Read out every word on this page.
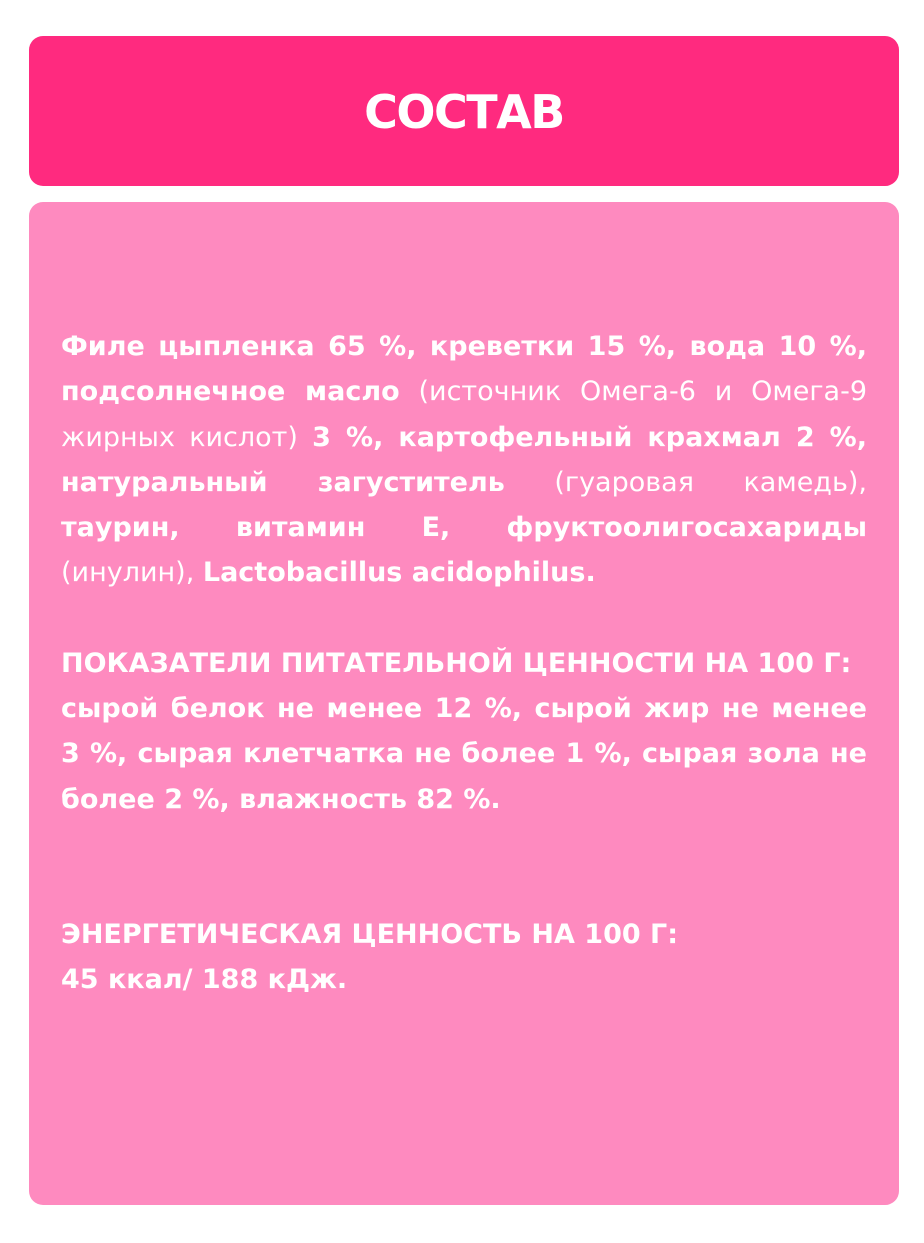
СОСТАВ

Филе цыпленка 65 %, креветки 15 %, вода 10 %, подсолнечное масло (источник Омега-6 и Омега-9 жирных кислот) 3 %, картофельный крахмал 2 %, натуральный загуститель (гуаровая камедь), таурин, витамин Е, фруктоолигосахариды (инулин), Lactobacillus acidophilus.

ПОКАЗАТЕЛИ ПИТАТЕЛЬНОЙ ЦЕННОСТИ НА 100 Г:

сырой белок не менее 12 %, сырой жир не менее 3 %, сырая клетчатка не более 1 %, сырая зола не более 2 %, влажность 82 %.

ЭНЕРГЕТИЧЕСКАЯ ЦЕННОСТЬ НА 100 Г:

45 ккал/ 188 кДж.
